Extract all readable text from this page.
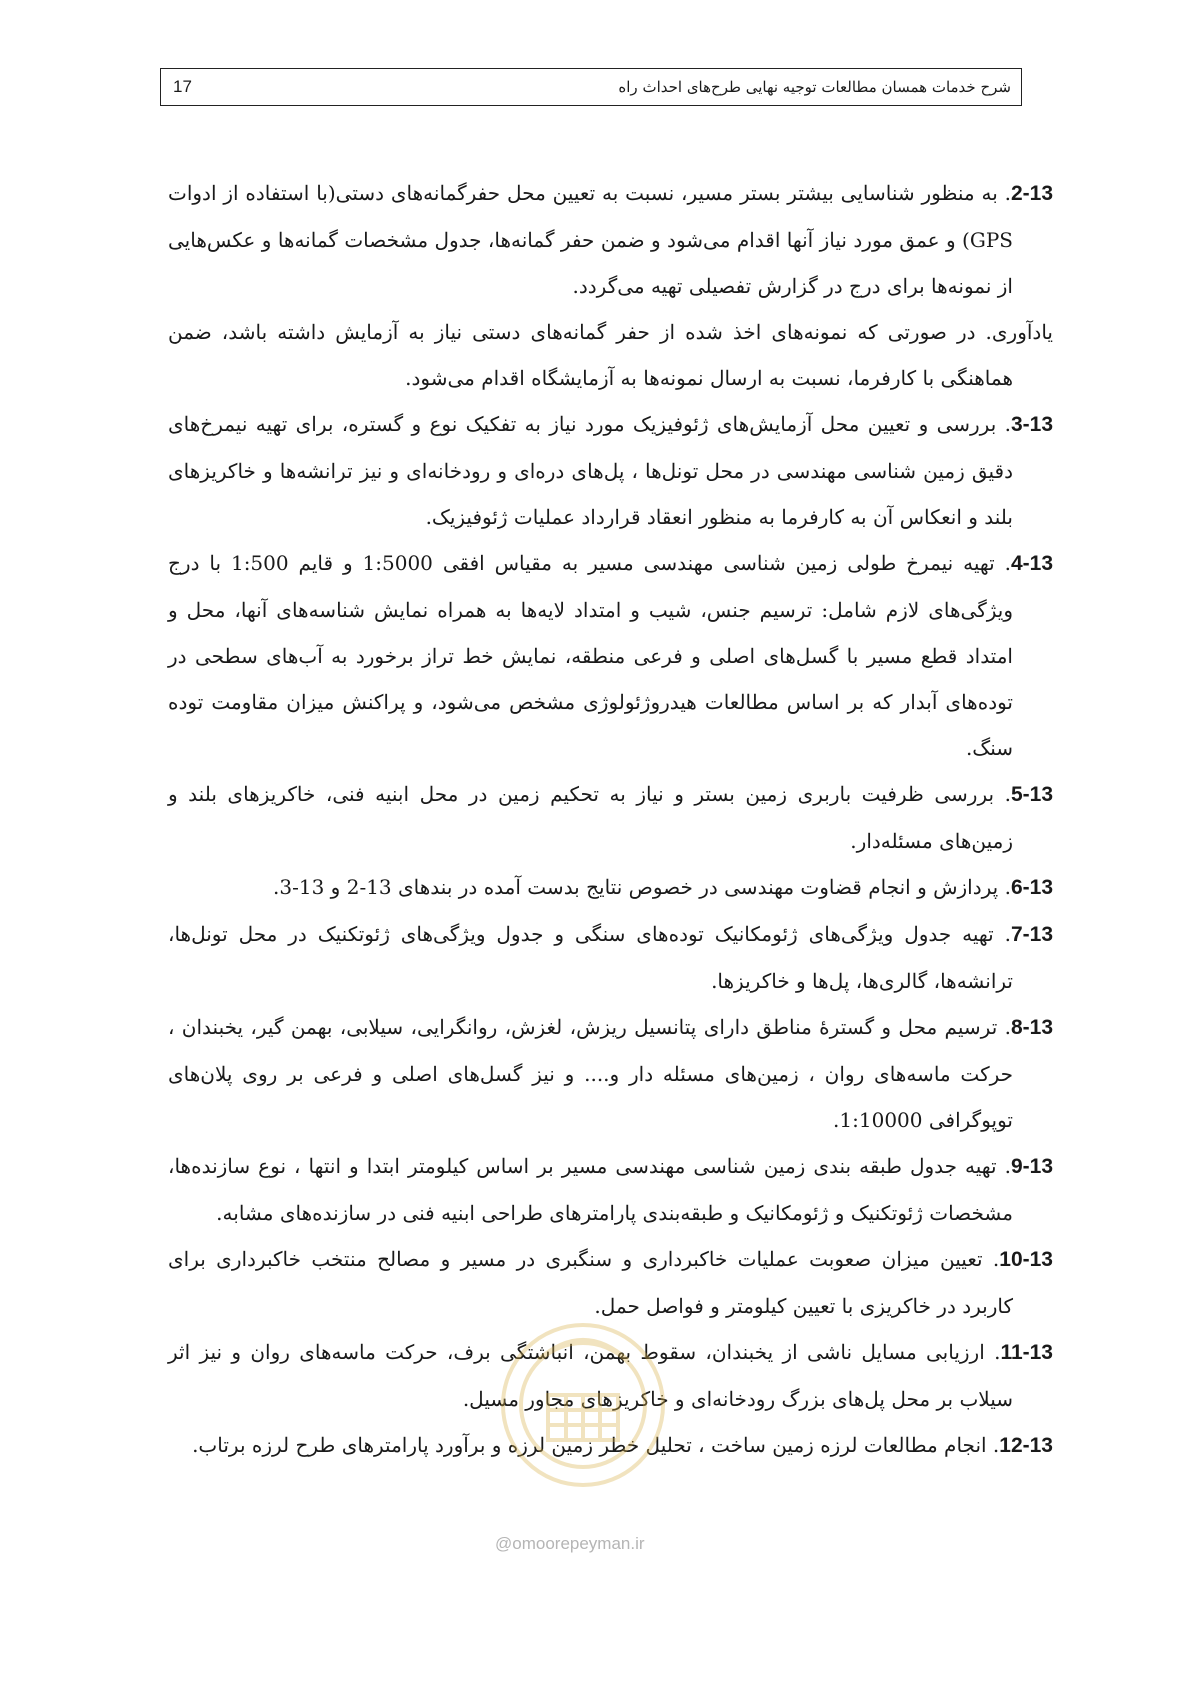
شرح خدمات همسان مطالعات توجیه نهایی طرح‌های احداث راه
17

2-13. به منظور شناسایی بیشتر بستر مسیر، نسبت به تعیین محل حفرگمانه‌های دستی(با استفاده از ادوات GPS) و عمق مورد نیاز آنها اقدام می‌شود و ضمن حفر گمانه‌ها، جدول مشخصات گمانه‌ها و عکس‌هایی از نمونه‌ها برای درج در گزارش تفصیلی تهیه می‌گردد.

یادآوری. در صورتی که نمونه‌های اخذ شده از حفر گمانه‌های دستی نیاز به آزمایش داشته باشد، ضمن هماهنگی با کارفرما، نسبت به ارسال نمونه‌ها به آزمایشگاه اقدام می‌شود.

3-13. بررسی و تعیین محل آزمایش‌های ژئوفیزیک مورد نیاز به تفکیک نوع و گستره، برای تهیه نیمرخ‌های دقیق زمین شناسی مهندسی در محل تونل‌ها ، پل‌های دره‌ای و رودخانه‌ای و نیز ترانشه‌ها و خاکریزهای بلند و انعکاس آن به کارفرما به منظور انعقاد قرارداد عملیات ژئوفیزیک.

4-13. تهیه نیمرخ طولی زمین شناسی مهندسی مسیر به مقیاس افقی 1:5000 و قایم 1:500 با درج ویژگی‌های لازم شامل: ترسیم جنس، شیب و امتداد لایه‌ها به همراه نمایش شناسه‌های آنها، محل و امتداد قطع مسیر با گسل‌های اصلی و فرعی منطقه، نمایش خط تراز برخورد به آب‌های سطحی در توده‌های آبدار که بر اساس مطالعات هیدروژئولوژی مشخص می‌شود، و پراکنش میزان مقاومت توده سنگ.

5-13. بررسی ظرفیت باربری زمین بستر و نیاز به تحکیم زمین در محل ابنیه فنی، خاکریزهای بلند و زمین‌های مسئله‌دار.

6-13. پردازش و انجام قضاوت مهندسی در خصوص نتایج بدست آمده در بندهای 13-2 و 13-3.

7-13. تهیه جدول ویژگی‌های ژئومکانیک توده‌های سنگی و جدول ویژگی‌های ژئوتکنیک در محل تونل‌ها، ترانشه‌ها، گالری‌ها، پل‌ها و خاکریزها.

8-13. ترسیم محل و گسترهٔ مناطق دارای پتانسیل ریزش، لغزش، روانگرایی، سیلابی، بهمن گیر، یخبندان ، حرکت ماسه‌های روان ، زمین‌های مسئله دار و.... و نیز گسل‌های اصلی و فرعی بر روی پلان‌های توپوگرافی 1:10000.

9-13. تهیه جدول طبقه بندی زمین شناسی مهندسی مسیر بر اساس کیلومتر ابتدا و انتها ، نوع سازنده‌ها، مشخصات ژئوتکنیک و ژئومکانیک و طبقه‌بندی پارامترهای طراحی ابنیه فنی در سازنده‌های مشابه.

10-13. تعیین میزان صعوبت عملیات خاکبرداری و سنگبری در مسیر و مصالح منتخب خاکبرداری برای کاربرد در خاکریزی با تعیین کیلومتر و فواصل حمل.

11-13. ارزیابی مسایل ناشی از یخبندان، سقوط بهمن، انباشتگی برف، حرکت ماسه‌های روان و نیز اثر سیلاب بر محل پل‌های بزرگ رودخانه‌ای و خاکریزهای مجاور مسیل.

12-13. انجام مطالعات لرزه زمین ساخت ، تحلیل خطر زمین لرزه و برآورد پارامترهای طرح لرزه برتاب.

@omoorepeyman.ir
